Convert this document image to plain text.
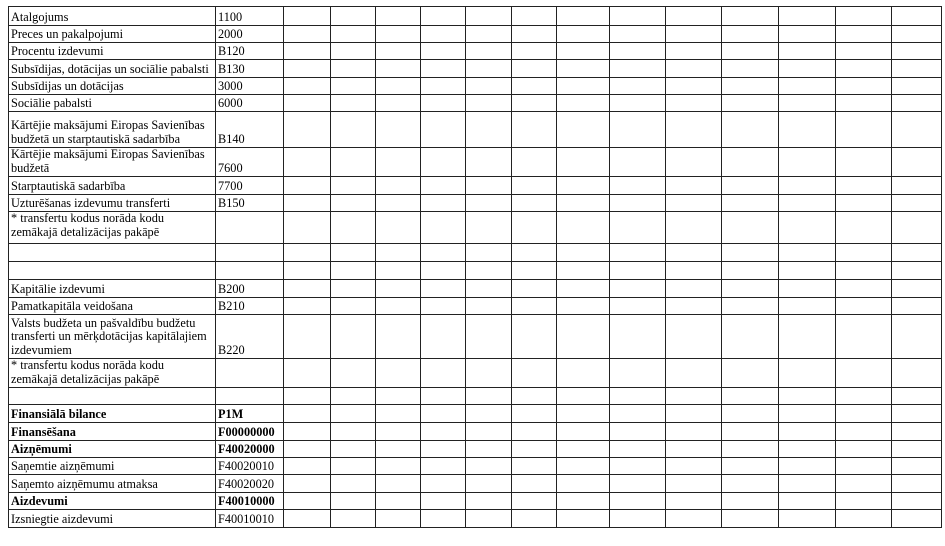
Atalgojums	1100													
Preces un pakalpojumi	2000													
Procentu izdevumi	B120													
Subsīdijas, dotācijas un sociālie pabalsti	B130													
Subsīdijas un dotācijas	3000													
Sociālie pabalsti	6000													
Kārtējie maksājumi Eiropas Savienības budžetā un starptautiskā sadarbība	B140													
Kārtējie maksājumi Eiropas Savienības budžetā	7600													
Starptautiskā sadarbība	7700													
Uzturēšanas izdevumu transferti	B150													
* transfertu kodus norāda kodu zemākajā detalizācijas pakāpē														

Kapitālie izdevumi	B200													
Pamatkapitāla veidošana	B210													
Valsts budžeta un pašvaldību budžetu transferti un mērķdotācijas kapitālajiem izdevumiem	B220													
* transfertu kodus norāda kodu zemākajā detalizācijas pakāpē														

Finansiālā bilance	P1M													
Finansēšana	F00000000													
Aizņēmumi	F40020000													
Saņemtie aizņēmumi	F40020010													
Saņemto aizņēmumu atmaksa	F40020020													
Aizdevumi	F40010000													
Izsniegtie aizdevumi	F40010010													
